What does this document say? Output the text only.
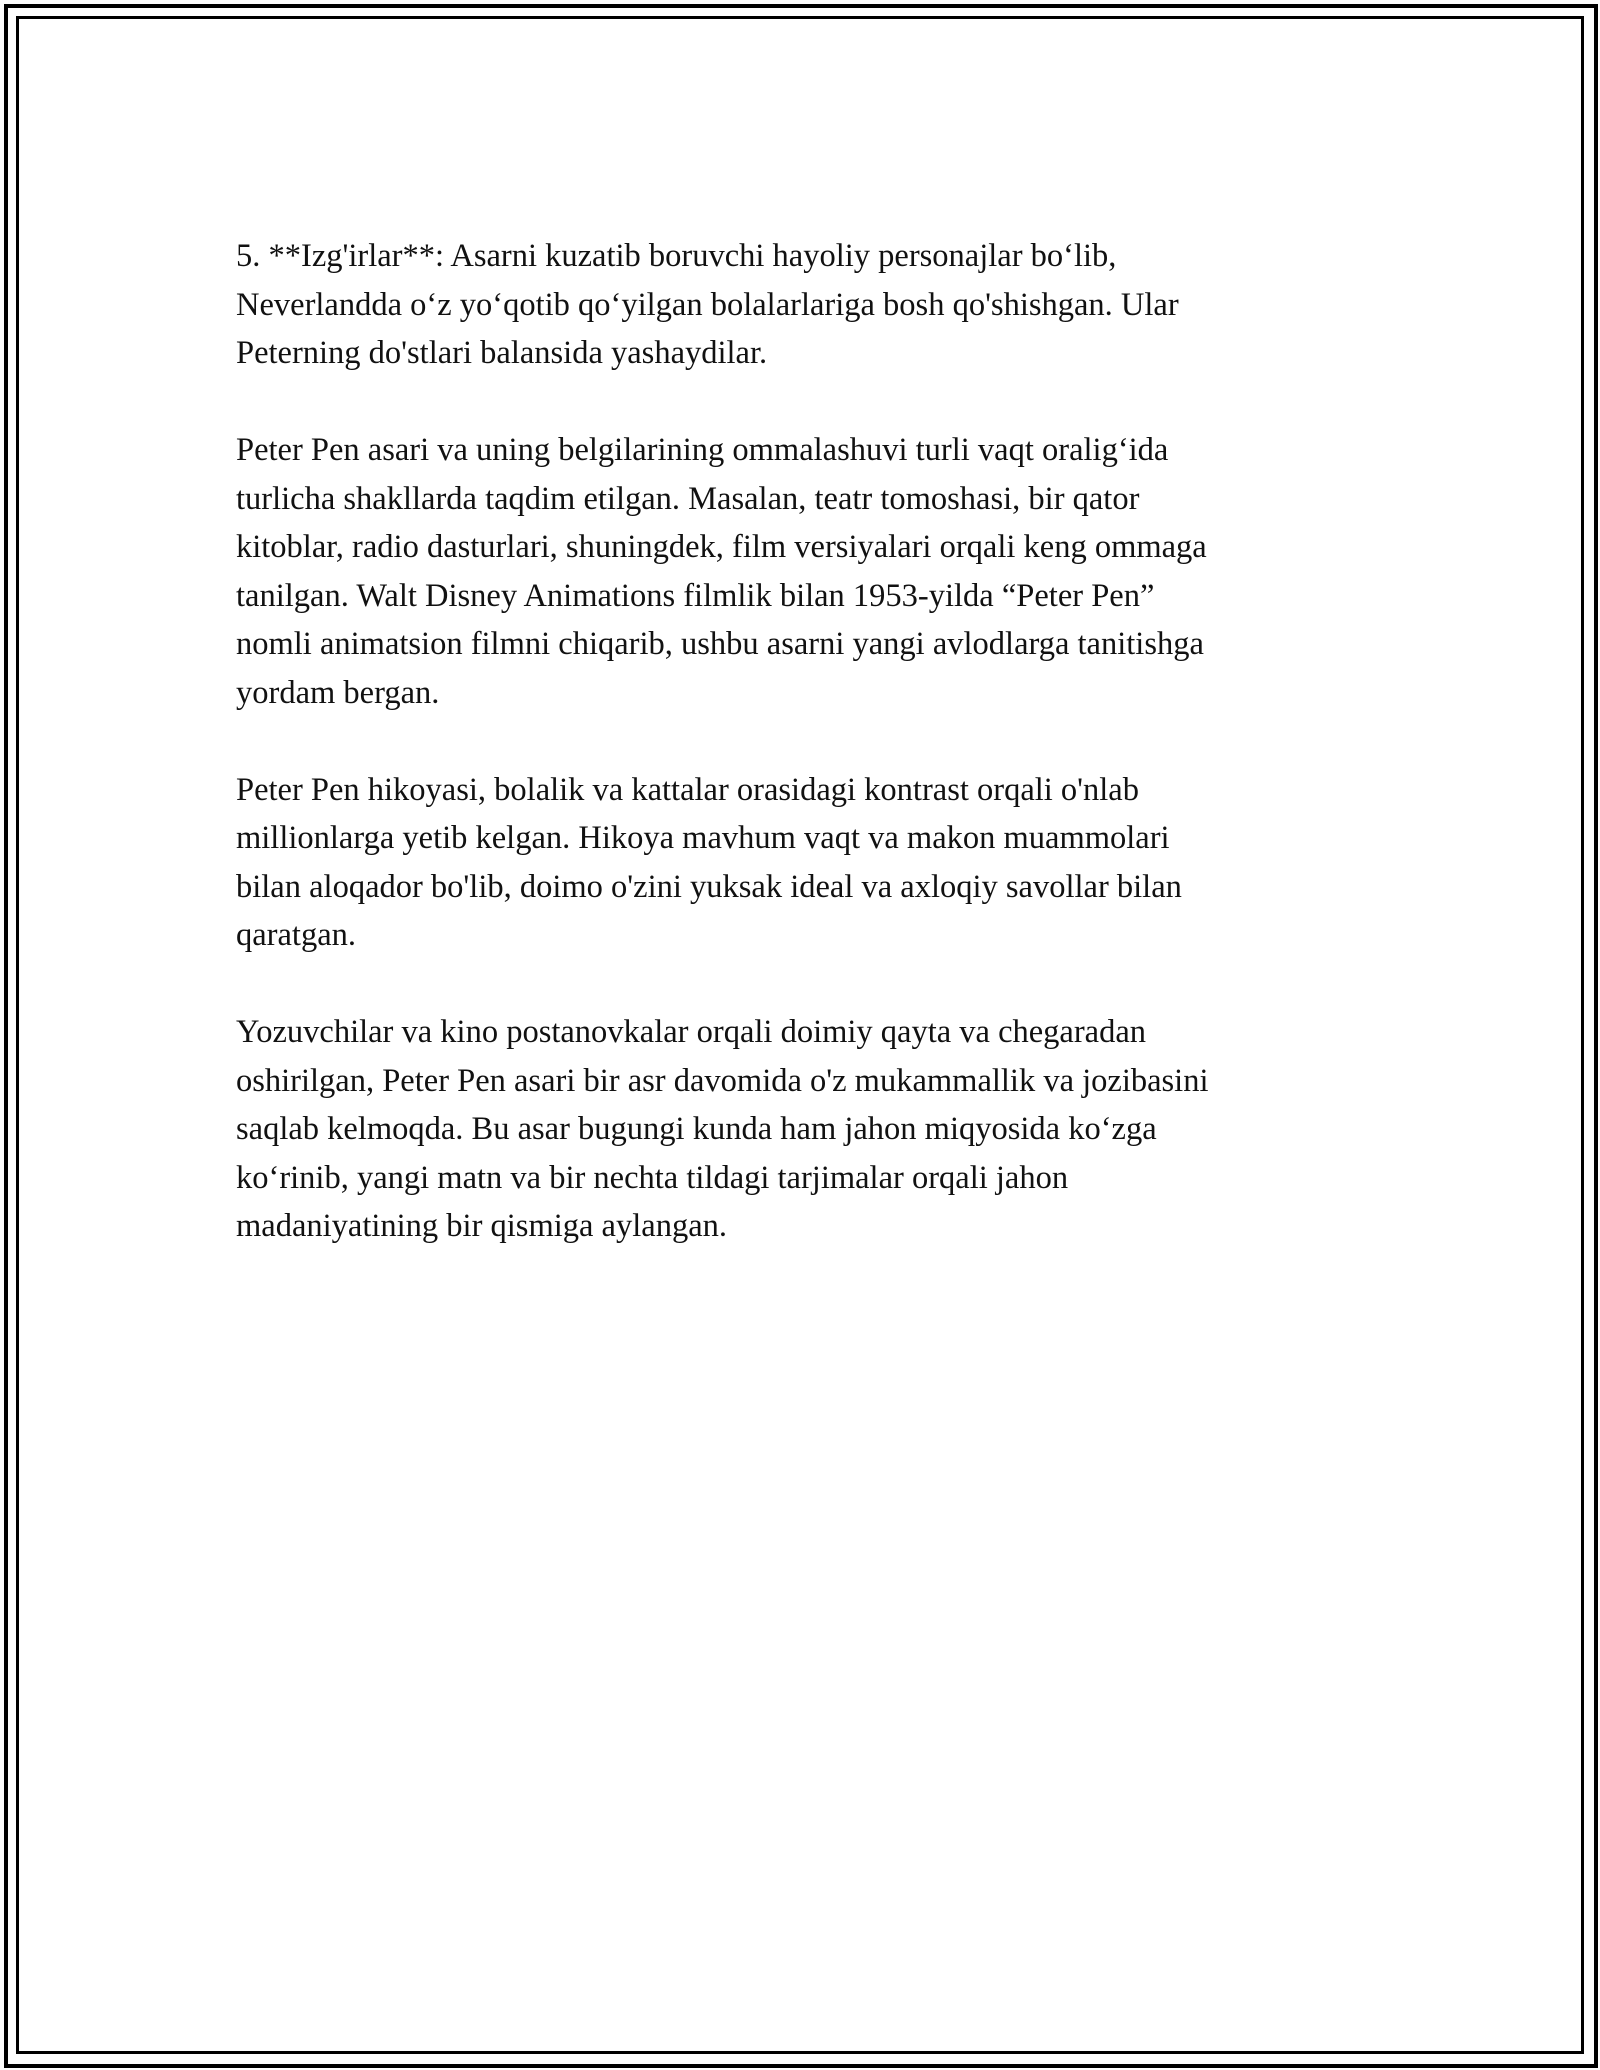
5. **Izg'irlar**: Asarni kuzatib boruvchi hayoliy personajlar bo‘lib,
Neverlandda o‘z yo‘qotib qo‘yilgan bolalarlariga bosh qo'shishgan. Ular
Peterning do'stlari balansida yashaydilar.

Peter Pen asari va uning belgilarining ommalashuvi turli vaqt oralig‘ida
turlicha shakllarda taqdim etilgan. Masalan, teatr tomoshasi, bir qator
kitoblar, radio dasturlari, shuningdek, film versiyalari orqali keng ommaga
tanilgan. Walt Disney Animations filmlik bilan 1953-yilda “Peter Pen”
nomli animatsion filmni chiqarib, ushbu asarni yangi avlodlarga tanitishga
yordam bergan.

Peter Pen hikoyasi, bolalik va kattalar orasidagi kontrast orqali o'nlab
millionlarga yetib kelgan. Hikoya mavhum vaqt va makon muammolari
bilan aloqador bo'lib, doimo o'zini yuksak ideal va axloqiy savollar bilan
qaratgan.

Yozuvchilar va kino postanovkalar orqali doimiy qayta va chegaradan
oshirilgan, Peter Pen asari bir asr davomida o'z mukammallik va jozibasini
saqlab kelmoqda. Bu asar bugungi kunda ham jahon miqyosida ko‘zga
ko‘rinib, yangi matn va bir nechta tildagi tarjimalar orqali jahon
madaniyatining bir qismiga aylangan.
